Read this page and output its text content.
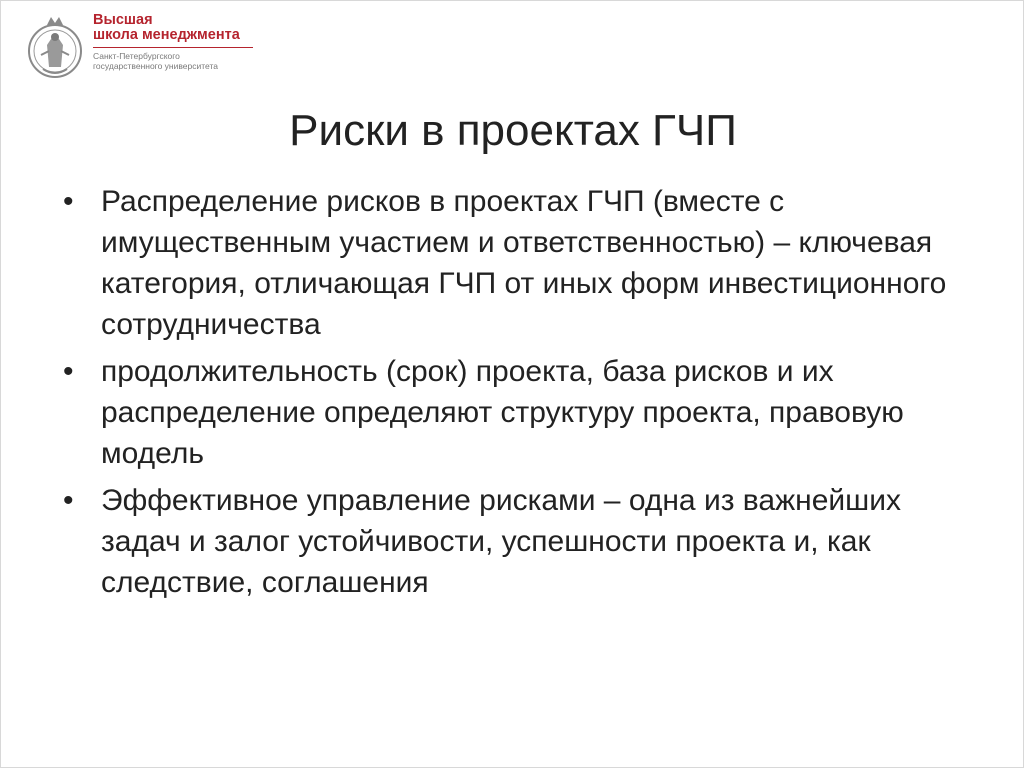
Высшая
школа менеджмента
Санкт-Петербургского
государственного университета
Риски в проектах ГЧП
• Распределение рисков в проектах ГЧП (вместе с имущественным участием и ответственностью) – ключевая категория, отличающая ГЧП от иных форм инвестиционного сотрудничества
• продолжительность (срок) проекта, база рисков и их распределение определяют структуру проекта, правовую модель
• Эффективное управление рисками – одна из важнейших задач и залог устойчивости, успешности проекта и, как следствие, соглашения
